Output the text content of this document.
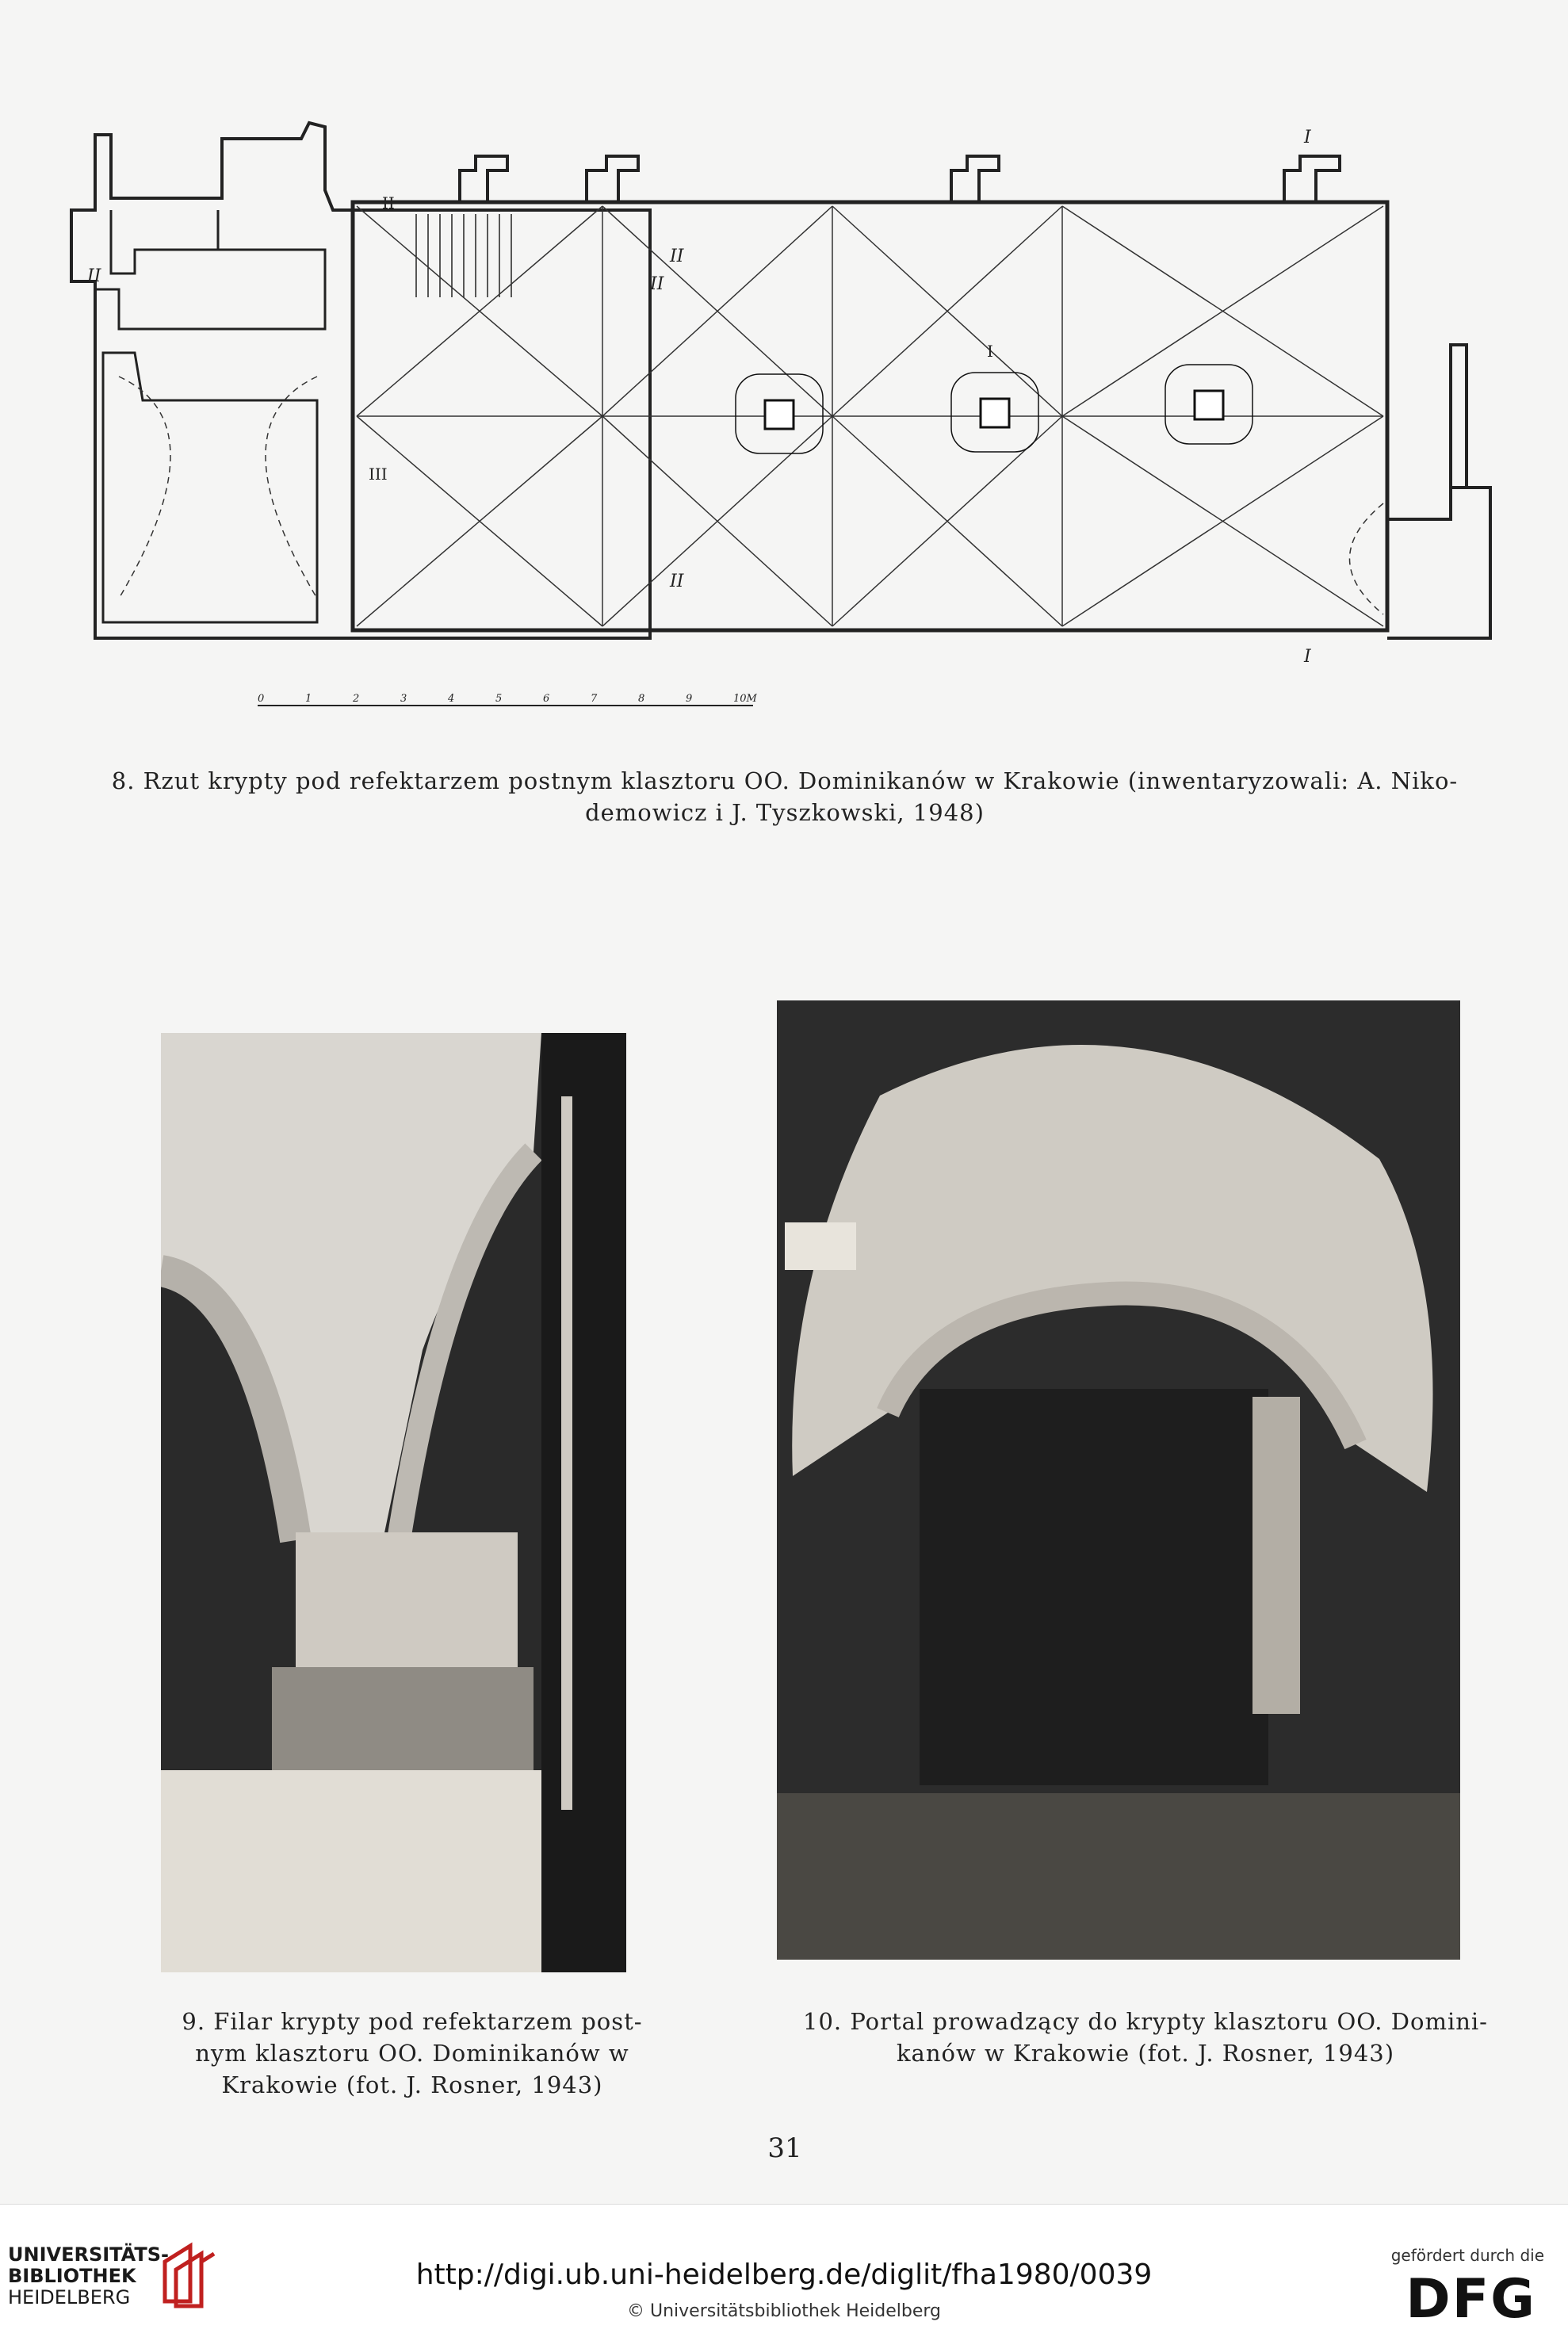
II	II
II
II
I
I
II
I
III
0	1	2	3	4	5	6	7	8	9	10M
8. Rzut krypty pod refektarzem postnym klasztoru OO. Dominikanów w Krakowie (inwentaryzowali: A. Niko-
demowicz i J. Tyszkowski, 1948)
9. Filar krypty pod refektarzem post-
nym klasztoru OO. Dominikanów w
Krakowie (fot. J. Rosner, 1943)
10. Portal prowadzący do krypty klasztoru OO. Domini-
kanów w Krakowie (fot. J. Rosner, 1943)
31
UNIVERSITÄTS-
BIBLIOTHEK
HEIDELBERG
http://digi.ub.uni-heidelberg.de/diglit/fha1980/0039
© Universitätsbibliothek Heidelberg
gefördert durch die
DFG
